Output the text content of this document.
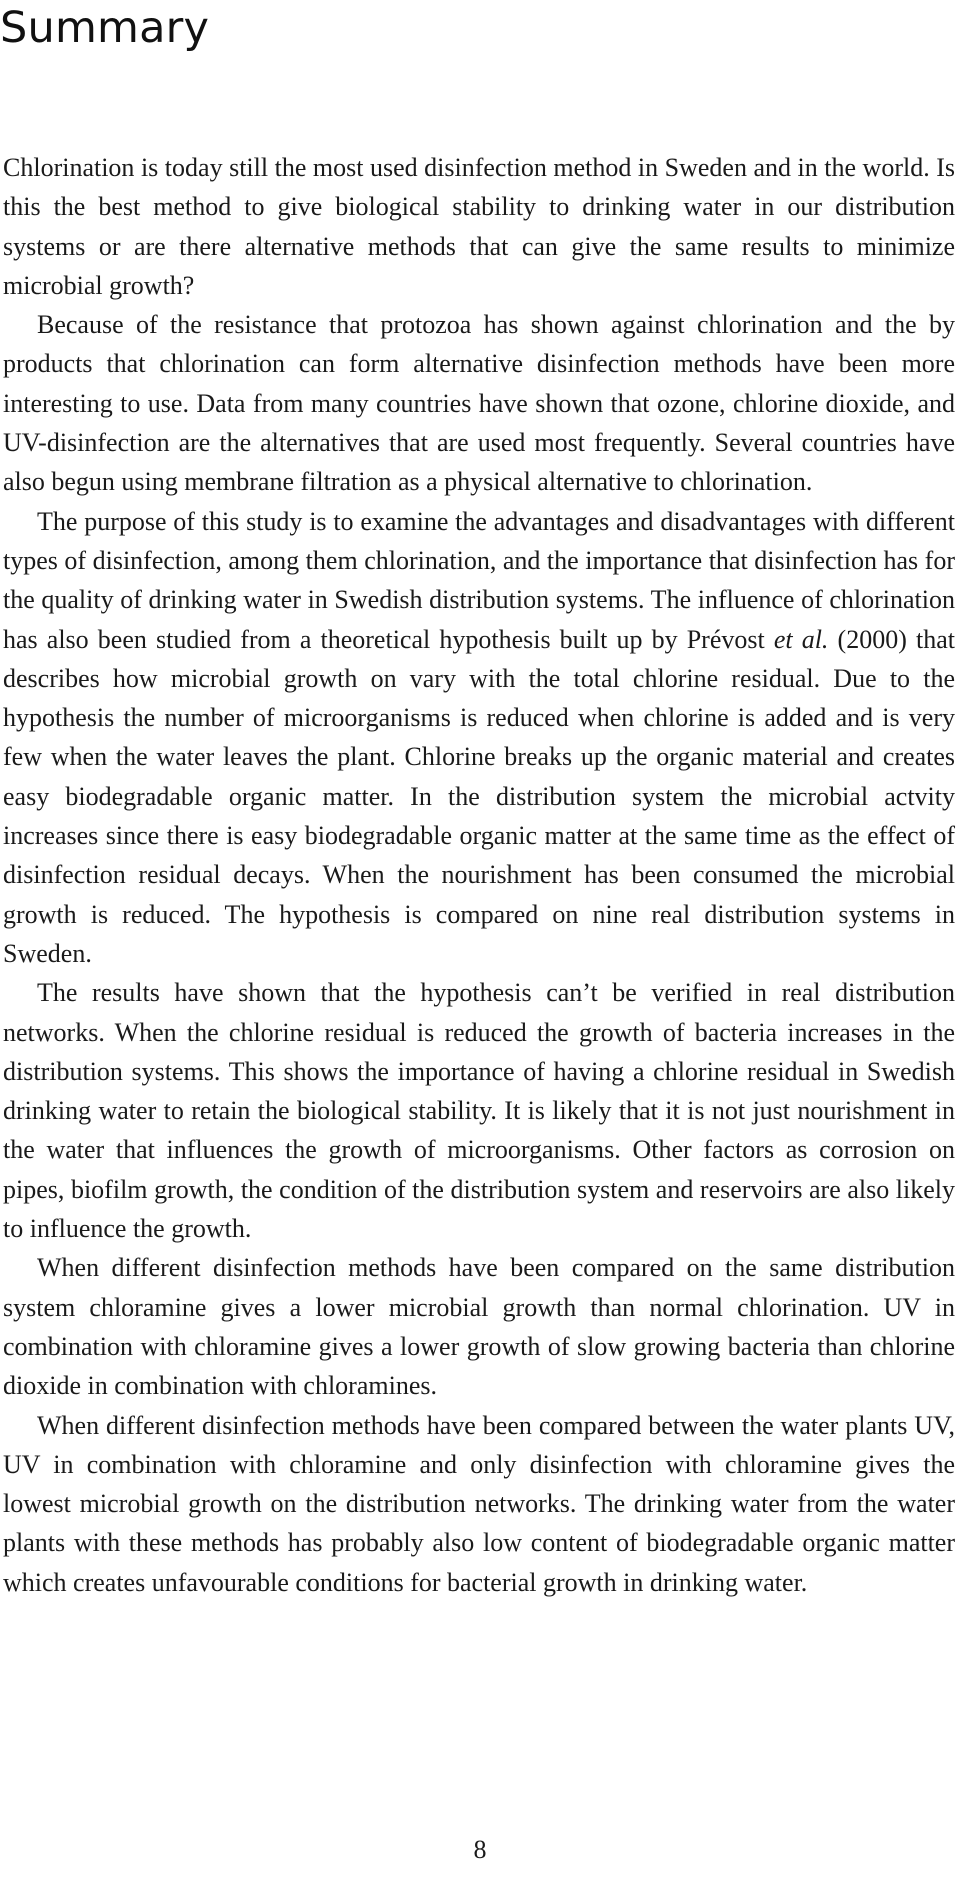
Summary

Chlorination is today still the most used disinfection method in Sweden and in the world. Is this the best method to give biological stability to drinking water in our distribution systems or are there alternative methods that can give the same results to minimize microbial growth?

Because of the resistance that protozoa has shown against chlorination and the by products that chlorination can form alternative disinfection methods have been more interesting to use. Data from many countries have shown that ozone, chlorine dioxide, and UV-disinfection are the alternatives that are used most frequently. Several countries have also begun using membrane filtration as a physical alternative to chlorination.

The purpose of this study is to examine the advantages and disadvantages with different types of disinfection, among them chlorination, and the importance that disinfection has for the quality of drinking water in Swedish distribution systems. The influence of chlorination has also been studied from a theoretical hypothesis built up by Prévost et al. (2000) that describes how microbial growth on vary with the total chlorine residual. Due to the hypothesis the number of microorganisms is reduced when chlorine is added and is very few when the water leaves the plant. Chlorine breaks up the organic material and creates easy biodegradable organic matter. In the distribution system the microbial actvity increases since there is easy biodegradable organic matter at the same time as the effect of disinfection residual decays. When the nourishment has been consumed the microbial growth is reduced. The hypothesis is compared on nine real distribution systems in Sweden.

The results have shown that the hypothesis can’t be verified in real distribution networks. When the chlorine residual is reduced the growth of bacteria increases in the distribution systems. This shows the importance of having a chlorine residual in Swedish drinking water to retain the biological stability. It is likely that it is not just nourishment in the water that influences the growth of microorganisms. Other factors as corrosion on pipes, biofilm growth, the condition of the distribution system and reservoirs are also likely to influence the growth.

When different disinfection methods have been compared on the same distribution system chloramine gives a lower microbial growth than normal chlorination. UV in combination with chloramine gives a lower growth of slow growing bacteria than chlorine dioxide in combination with chloramines.

When different disinfection methods have been compared between the water plants UV, UV in combination with chloramine and only disinfection with chloramine gives the lowest microbial growth on the distribution networks. The drinking water from the water plants with these methods has probably also low content of biodegradable organic matter which creates unfavourable conditions for bacterial growth in drinking water.

8
